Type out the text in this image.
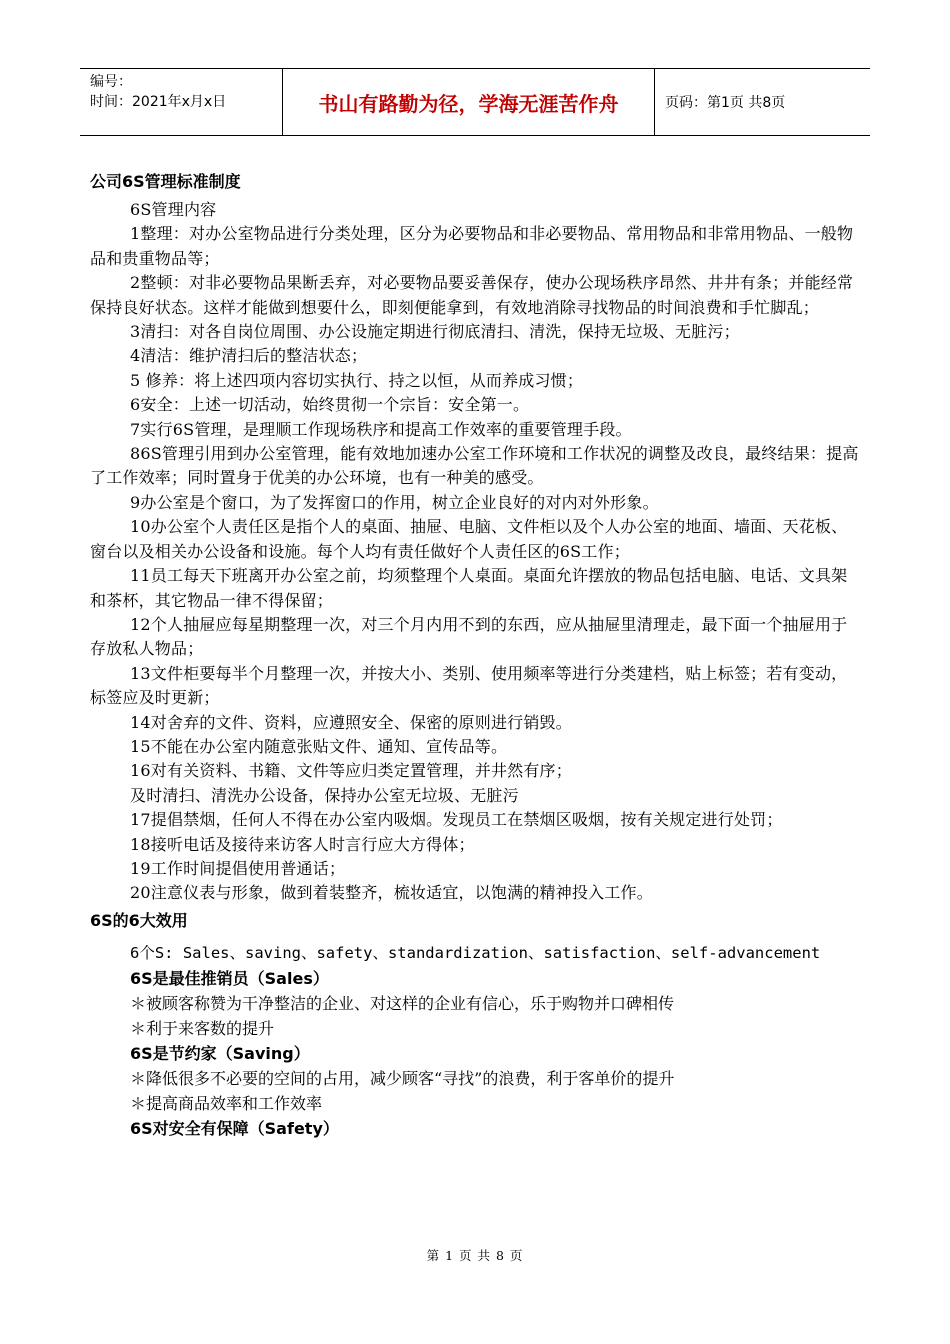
编号：
时间：2021年x月x日	书山有路勤为径，学海无涯苦作舟	页码：第1页 共8页
公司6S管理标准制度

6S管理内容

1整理：对办公室物品进行分类处理，区分为必要物品和非必要物品、常用物品和非常用物品、一般物品和贵重物品等；

2整顿：对非必要物品果断丢弃，对必要物品要妥善保存，使办公现场秩序昂然、井井有条；并能经常保持良好状态。这样才能做到想要什么，即刻便能拿到，有效地消除寻找物品的时间浪费和手忙脚乱；

3清扫：对各自岗位周围、办公设施定期进行彻底清扫、清洗，保持无垃圾、无脏污；

4清洁：维护清扫后的整洁状态；

5 修养：将上述四项内容切实执行、持之以恒，从而养成习惯；

6安全：上述一切活动，始终贯彻一个宗旨：安全第一。

7实行6S管理，是理顺工作现场秩序和提高工作效率的重要管理手段。

86S管理引用到办公室管理，能有效地加速办公室工作环境和工作状况的调整及改良，最终结果：提高了工作效率；同时置身于优美的办公环境，也有一种美的感受。

9办公室是个窗口，为了发挥窗口的作用，树立企业良好的对内对外形象。

10办公室个人责任区是指个人的桌面、抽屉、电脑、文件柜以及个人办公室的地面、墙面、天花板、窗台以及相关办公设备和设施。每个人均有责任做好个人责任区的6S工作；

11员工每天下班离开办公室之前，均须整理个人桌面。桌面允许摆放的物品包括电脑、电话、文具架和茶杯，其它物品一律不得保留；

12个人抽屉应每星期整理一次，对三个月内用不到的东西，应从抽屉里清理走，最下面一个抽屉用于存放私人物品；

13文件柜要每半个月整理一次，并按大小、类别、使用频率等进行分类建档，贴上标签；若有变动，标签应及时更新；

14对舍弃的文件、资料，应遵照安全、保密的原则进行销毁。

15不能在办公室内随意张贴文件、通知、宣传品等。

16对有关资料、书籍、文件等应归类定置管理，并井然有序；

及时清扫、清洗办公设备，保持办公室无垃圾、无脏污

17提倡禁烟，任何人不得在办公室内吸烟。发现员工在禁烟区吸烟，按有关规定进行处罚；

18接听电话及接待来访客人时言行应大方得体；

19工作时间提倡使用普通话；

20注意仪表与形象，做到着装整齐，梳妆适宜，以饱满的精神投入工作。

6S的6大效用

6个S: Sales、saving、safety、standardization、satisfaction、self-advancement

6S是最佳推销员（Sales）

＊被顾客称赞为干净整洁的企业、对这样的企业有信心，乐于购物并口碑相传

＊利于来客数的提升

6S是节约家（Saving）

＊降低很多不必要的空间的占用，减少顾客“寻找”的浪费，利于客单价的提升

＊提高商品效率和工作效率

6S对安全有保障（Safety）
第 1 页 共 8 页
